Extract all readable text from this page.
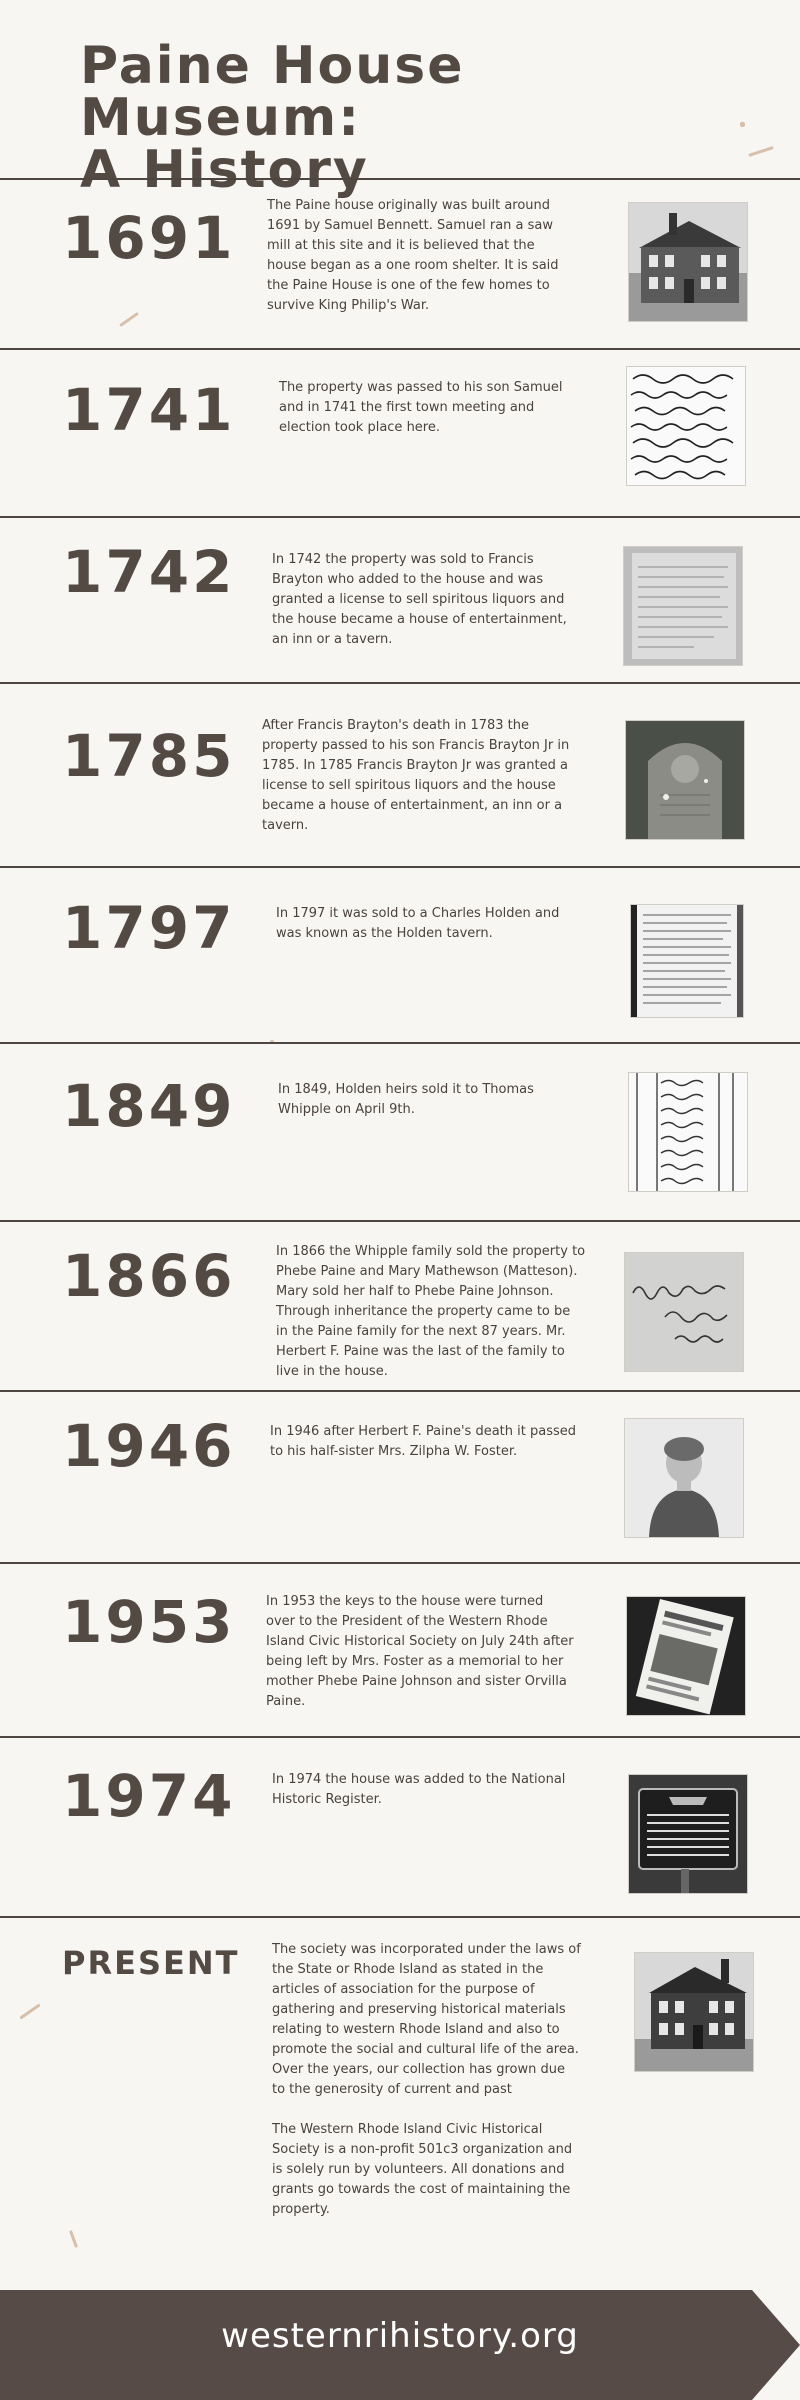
Paine House Museum:
A History
1691 The Paine house originally was built around 1691 by Samuel Bennett. Samuel ran a saw mill at this site and it is believed that the house began as a one room shelter. It is said the Paine House is one of the few homes to survive King Philip's War.
1741	The property was passed to his son Samuel and in 1741 the first town meeting and election took place here.
1742	In 1742 the property was sold to Francis Brayton who added to the house and was granted a license to sell spiritous liquors and the house became a house of entertainment, an inn or a tavern.
1785 After Francis Brayton's death in 1783 the property passed to his son Francis Brayton Jr in 1785. In 1785 Francis Brayton Jr was granted a license to sell spiritous liquors and the house became a house of entertainment, an inn or a tavern.
1797	In 1797 it was sold to a Charles Holden and was known as the Holden tavern.
1849	In 1849, Holden heirs sold it to Thomas Whipple on April 9th.
1866	In 1866 the Whipple family sold the property to Phebe Paine and Mary Mathewson (Matteson). Mary sold her half to Phebe Paine Johnson. Through inheritance the property came to be in the Paine family for the next 87 years. Mr. Herbert F. Paine was the last of the family to live in the house.
1946	In 1946 after Herbert F. Paine's death it passed to his half-sister Mrs. Zilpha W. Foster.
1953 In 1953 the keys to the house were turned over to the President of the Western Rhode Island Civic Historical Society on July 24th after being left by Mrs. Foster as a memorial to her mother Phebe Paine Johnson and sister Orvilla Paine.
1974	In 1974 the house was added to the National Historic Register.
PRESENT	The society was incorporated under the laws of the State or Rhode Island as stated in the articles of association for the purpose of gathering and preserving historical materials relating to western Rhode Island and also to promote the social and cultural life of the area.
Over the years, our collection has grown due to the generosity of current and past

The Western Rhode Island Civic Historical Society is a non-profit 501c3 organization and is solely run by volunteers. All donations and grants go towards the cost of maintaining the property.
westernrihistory.org
